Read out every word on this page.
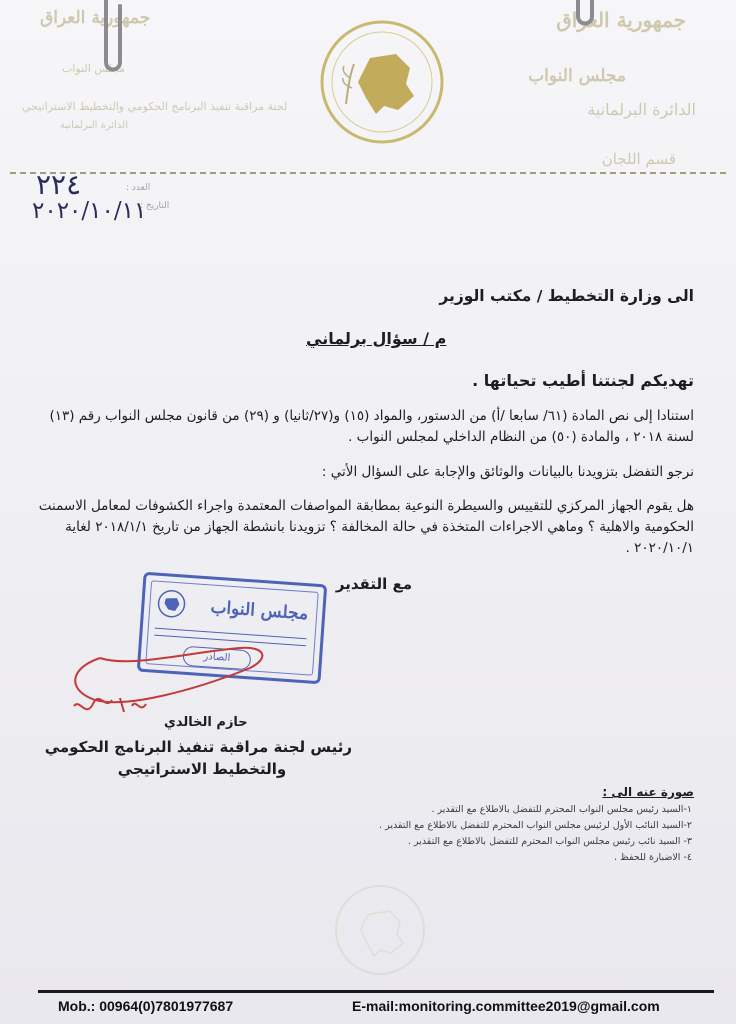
جمهورية العراق
مجلس النواب
لجنة مراقبة تنفيذ البرنامج الحكومي والتخطيط الاستراتيجي
الدائرة البرلمانية
جمهورية العراق
مجلس النواب
الدائرة البرلمانية
قسم اللجان
٢٢٤
٢٠٢٠/١٠/١١
العدد :
التاريخ :
الى وزارة التخطيط / مكتب الوزير
م / سؤال برلماني
تهديكم لجنتنا أطيب تحياتها .
استنادا إلى نص المادة (٦١/ سابعا /أ) من الدستور، والمواد (١٥) و(٢٧/ثانيا) و (٢٩) من قانون مجلس النواب رقم (١٣) لسنة ٢٠١٨ ، والمادة (٥٠) من النظام الداخلي لمجلس النواب .
نرجو التفضل بتزويدنا بالبيانات والوثائق والإجابة على السؤال الأتي :
هل يقوم الجهاز المركزي للتقييس والسيطرة النوعية بمطابقة المواصفات المعتمدة واجراء الكشوفات لمعامل الاسمنت الحكومية والاهلية ؟ وماهي الاجراءات المتخذة في حالة المخالفة ؟ تزويدنا بانشطة الجهاز من تاريخ ٢٠١٨/١/١ لغاية ٢٠٢٠/١٠/١ .
مع التقدير
مجلس النواب
الصادر
حازم الخالدي
رئيس لجنة مراقبة تنفيذ البرنامج الحكومي
والتخطيط الاستراتيجي
صورة عنه الى :
١-السيد رئيس مجلس النواب المحترم للتفضل بالاطلاع مع التقدير .
٢-السيد النائب الأول لرئيس مجلس النواب المحترم للتفضل بالاطلاع مع التقدير .
٣- السيد نائب رئيس مجلس النواب المحترم للتفضل بالاطلاع مع التقدير .
٤- الاضبارة للحفظ .
Mob.: 00964(0)7801977687	E-mail:monitoring.committee2019@gmail.com
